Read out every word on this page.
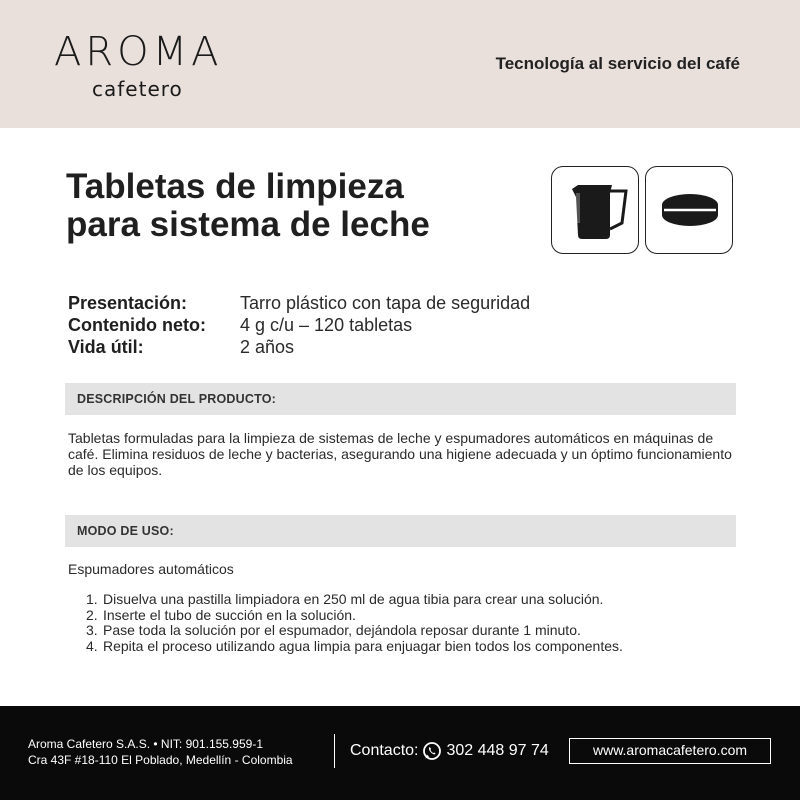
AROMA
cafetero
Tecnología al servicio del café
Tabletas de limpieza
para sistema de leche
Presentación:	Tarro plástico con tapa de seguridad
Contenido neto:	4 g c/u – 120 tabletas
Vida útil:	2 años
DESCRIPCIÓN DEL PRODUCTO:
Tabletas formuladas para la limpieza de sistemas de leche y espumadores automáticos en máquinas de café. Elimina residuos de leche y bacterias, asegurando una higiene adecuada y un óptimo funcionamiento de los equipos.
MODO DE USO:
Espumadores automáticos
1. Disuelva una pastilla limpiadora en 250 ml de agua tibia para crear una solución.
2. Inserte el tubo de succión en la solución.
3. Pase toda la solución por el espumador, dejándola reposar durante 1 minuto.
4. Repita el proceso utilizando agua limpia para enjuagar bien todos los componentes.
Aroma Cafetero S.A.S. • NIT: 901.155.959-1
Cra 43F #18-110 El Poblado, Medellín - Colombia
Contacto: 302 448 97 74	www.aromacafetero.com
